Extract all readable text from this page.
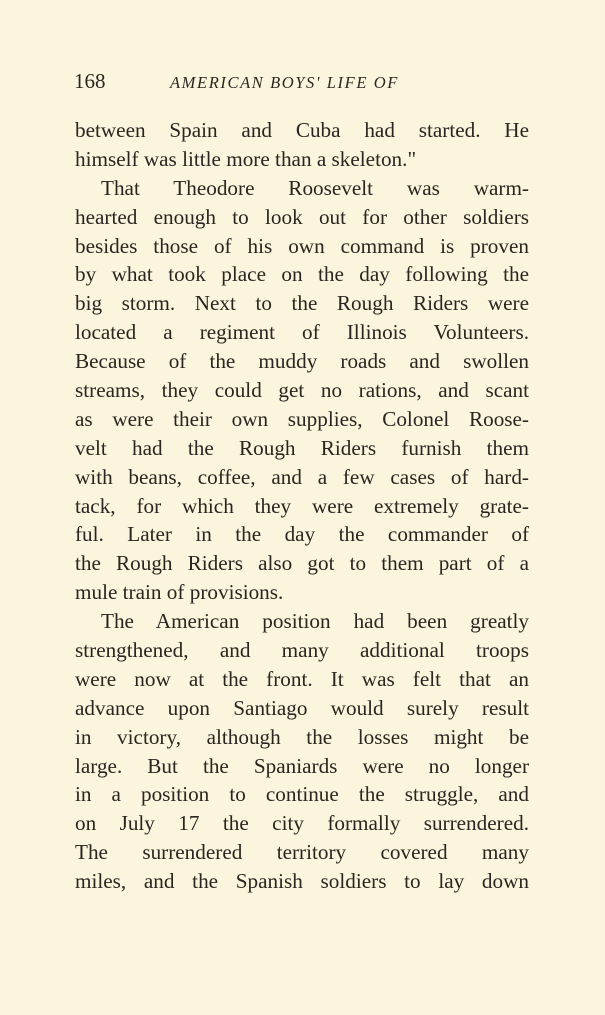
168	AMERICAN BOYS' LIFE OF
between Spain and Cuba had started. He
himself was little more than a skeleton."
That Theodore Roosevelt was warm-
hearted enough to look out for other soldiers
besides those of his own command is proven
by what took place on the day following the
big storm. Next to the Rough Riders were
located a regiment of Illinois Volunteers.
Because of the muddy roads and swollen
streams, they could get no rations, and scant
as were their own supplies, Colonel Roose-
velt had the Rough Riders furnish them
with beans, coffee, and a few cases of hard-
tack, for which they were extremely grate-
ful. Later in the day the commander of
the Rough Riders also got to them part of a
mule train of provisions.
The American position had been greatly
strengthened, and many additional troops
were now at the front. It was felt that an
advance upon Santiago would surely result
in victory, although the losses might be
large. But the Spaniards were no longer
in a position to continue the struggle, and
on July 17 the city formally surrendered.
The surrendered territory covered many
miles, and the Spanish soldiers to lay down
